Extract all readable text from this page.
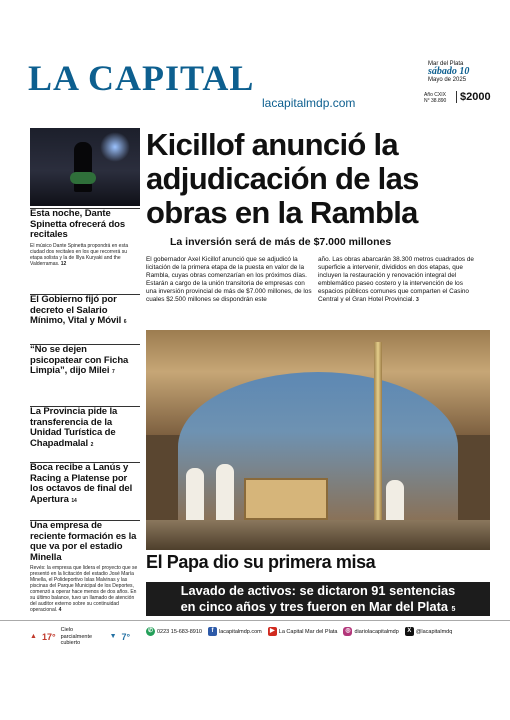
LA CAPITAL
lacapitalmdp.com
Mar del Plata
sábado 10
Mayo de 2025
Año CXIX
N° 38.890	$2000
Esta noche, Dante Spinetta ofrecerá dos recitales

El músico Dante Spinetta propondrá en esta ciudad dos recitales en los que recorrerá su etapa solista y la de Illya Kuryaki and the Valderramas. 12

El Gobierno fijó por decreto el Salario Mínimo, Vital y Móvil 6
“No se dejen psicopatear con Ficha Limpia”, dijo Milei 7
La Provincia pide la transferencia de la Unidad Turística de Chapadmalal 2
Boca recibe a Lanús y Racing a Platense por los octavos de final del Apertura 14
Una empresa de reciente formación es la que va por el estadio Minella

Revés: la empresa que lidera el proyecto que se presentó en la licitación del estadio José María Minella, el Polideportivo Islas Malvinas y las piscinas del Parque Municipal de los Deportes, comenzó a operar hace menos de dos años. En su último balance, tuvo un llamado de atención del auditor externo sobre su continuidad operacional. 4

Kicillof anunció la adjudicación de las obras en la Rambla
La inversión será de más de $7.000 millones
El gobernador Axel Kicillof anunció que se adjudicó la licitación de la primera etapa de la puesta en valor de la Rambla, cuyas obras comenzarían en los próximos días. Estarán a cargo de la unión transitoria de empresas con una inversión provincial de más de $7.000 millones, de los cuales $2.500 millones se dispondrán este
año. Las obras abarcarán 38.300 metros cuadrados de superficie a intervenir, divididos en dos etapas, que incluyen la restauración y renovación integral del emblemático paseo costero y la intervención de los espacios públicos comunes que comparten el Casino Central y el Gran Hotel Provincial. 3
El Papa dio su primera misa
Lavado de activos: se dictaron 91 sentencias
en cinco años y tres fueron en Mar del Plata 5
▲ 17°
Cielo parcialmente cubierto
▼ 7°
✆ 0223 15-683-8910	f	lacapitalmdp.com	▶ La Capital Mar del Plata	◎ diariolacapitalmdp	X @lacapitalmdq
